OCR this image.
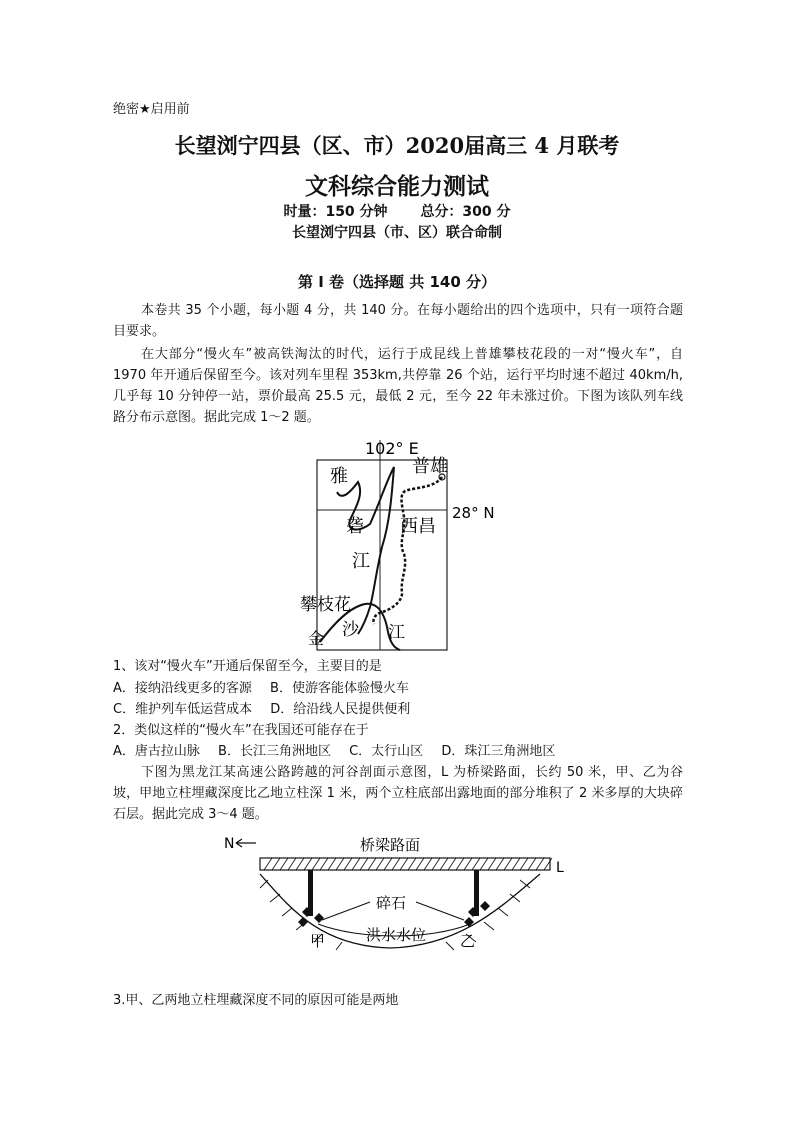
绝密★启用前
长望浏宁四县（区、市）2020届高三 4 月联考
文科综合能力测试
时量：150 分钟 总分：300 分
长望浏宁四县（市、区）联合命制
第 I 卷（选择题 共 140 分）
本卷共 35 个小题，每小题 4 分，共 140 分。在每小题给出的四个选项中，只有一项符合题目要求。
在大部分“慢火车”被高铁淘汰的时代，运行于成昆线上普雄攀枝花段的一对“慢火车”，自 1970 年开通后保留至今。该对列车里程 353km,共停靠 26 个站，运行平均时速不超过 40km/h,几乎每 10 分钟停一站，票价最高 25.5 元，最低 2 元，至今 22 年未涨过价。下图为该队列车线路分布示意图。据此完成 1～2 题。
102° E
28° N
雅
砻
江
普雄
西昌
攀枝花
金 沙 江
1、该对“慢火车”开通后保留至今，主要目的是
A．接纳沿线更多的客源 B．使游客能体验慢火车
C．维护列车低运营成本 D．给沿线人民提供便利
2．类似这样的“慢火车”在我国还可能存在于
A．唐古拉山脉 B．长江三角洲地区 C．太行山区 D．珠江三角洲地区
下图为黑龙江某高速公路跨越的河谷剖面示意图，L 为桥梁路面，长约 50 米，甲、乙为谷坡，甲地立柱埋藏深度比乙地立柱深 1 米，两个立柱底部出露地面的部分堆积了 2 米多厚的大块碎石层。据此完成 3～4 题。
N	桥梁路面
L
碎石
洪水水位
甲	乙
3.甲、乙两地立柱埋藏深度不同的原因可能是两地
